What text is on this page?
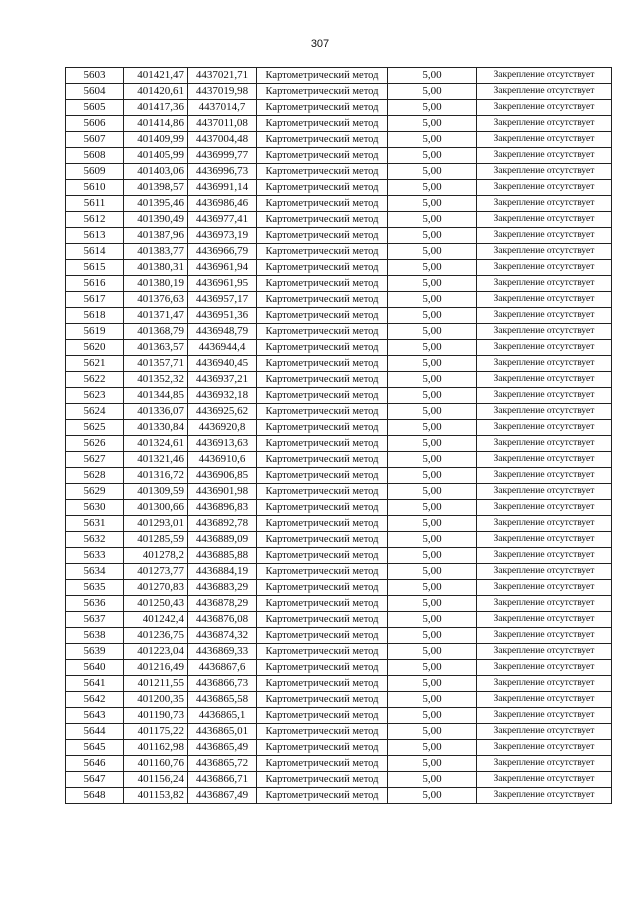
307
5603	401421,47	4437021,71	Картометрический метод	5,00	Закрепление отсутствует
5604	401420,61	4437019,98	Картометрический метод	5,00	Закрепление отсутствует
5605	401417,36	4437014,7	Картометрический метод	5,00	Закрепление отсутствует
5606	401414,86	4437011,08	Картометрический метод	5,00	Закрепление отсутствует
5607	401409,99	4437004,48	Картометрический метод	5,00	Закрепление отсутствует
5608	401405,99	4436999,77	Картометрический метод	5,00	Закрепление отсутствует
5609	401403,06	4436996,73	Картометрический метод	5,00	Закрепление отсутствует
5610	401398,57	4436991,14	Картометрический метод	5,00	Закрепление отсутствует
5611	401395,46	4436986,46	Картометрический метод	5,00	Закрепление отсутствует
5612	401390,49	4436977,41	Картометрический метод	5,00	Закрепление отсутствует
5613	401387,96	4436973,19	Картометрический метод	5,00	Закрепление отсутствует
5614	401383,77	4436966,79	Картометрический метод	5,00	Закрепление отсутствует
5615	401380,31	4436961,94	Картометрический метод	5,00	Закрепление отсутствует
5616	401380,19	4436961,95	Картометрический метод	5,00	Закрепление отсутствует
5617	401376,63	4436957,17	Картометрический метод	5,00	Закрепление отсутствует
5618	401371,47	4436951,36	Картометрический метод	5,00	Закрепление отсутствует
5619	401368,79	4436948,79	Картометрический метод	5,00	Закрепление отсутствует
5620	401363,57	4436944,4	Картометрический метод	5,00	Закрепление отсутствует
5621	401357,71	4436940,45	Картометрический метод	5,00	Закрепление отсутствует
5622	401352,32	4436937,21	Картометрический метод	5,00	Закрепление отсутствует
5623	401344,85	4436932,18	Картометрический метод	5,00	Закрепление отсутствует
5624	401336,07	4436925,62	Картометрический метод	5,00	Закрепление отсутствует
5625	401330,84	4436920,8	Картометрический метод	5,00	Закрепление отсутствует
5626	401324,61	4436913,63	Картометрический метод	5,00	Закрепление отсутствует
5627	401321,46	4436910,6	Картометрический метод	5,00	Закрепление отсутствует
5628	401316,72	4436906,85	Картометрический метод	5,00	Закрепление отсутствует
5629	401309,59	4436901,98	Картометрический метод	5,00	Закрепление отсутствует
5630	401300,66	4436896,83	Картометрический метод	5,00	Закрепление отсутствует
5631	401293,01	4436892,78	Картометрический метод	5,00	Закрепление отсутствует
5632	401285,59	4436889,09	Картометрический метод	5,00	Закрепление отсутствует
5633	401278,2	4436885,88	Картометрический метод	5,00	Закрепление отсутствует
5634	401273,77	4436884,19	Картометрический метод	5,00	Закрепление отсутствует
5635	401270,83	4436883,29	Картометрический метод	5,00	Закрепление отсутствует
5636	401250,43	4436878,29	Картометрический метод	5,00	Закрепление отсутствует
5637	401242,4	4436876,08	Картометрический метод	5,00	Закрепление отсутствует
5638	401236,75	4436874,32	Картометрический метод	5,00	Закрепление отсутствует
5639	401223,04	4436869,33	Картометрический метод	5,00	Закрепление отсутствует
5640	401216,49	4436867,6	Картометрический метод	5,00	Закрепление отсутствует
5641	401211,55	4436866,73	Картометрический метод	5,00	Закрепление отсутствует
5642	401200,35	4436865,58	Картометрический метод	5,00	Закрепление отсутствует
5643	401190,73	4436865,1	Картометрический метод	5,00	Закрепление отсутствует
5644	401175,22	4436865,01	Картометрический метод	5,00	Закрепление отсутствует
5645	401162,98	4436865,49	Картометрический метод	5,00	Закрепление отсутствует
5646	401160,76	4436865,72	Картометрический метод	5,00	Закрепление отсутствует
5647	401156,24	4436866,71	Картометрический метод	5,00	Закрепление отсутствует
5648	401153,82	4436867,49	Картометрический метод	5,00	Закрепление отсутствует
